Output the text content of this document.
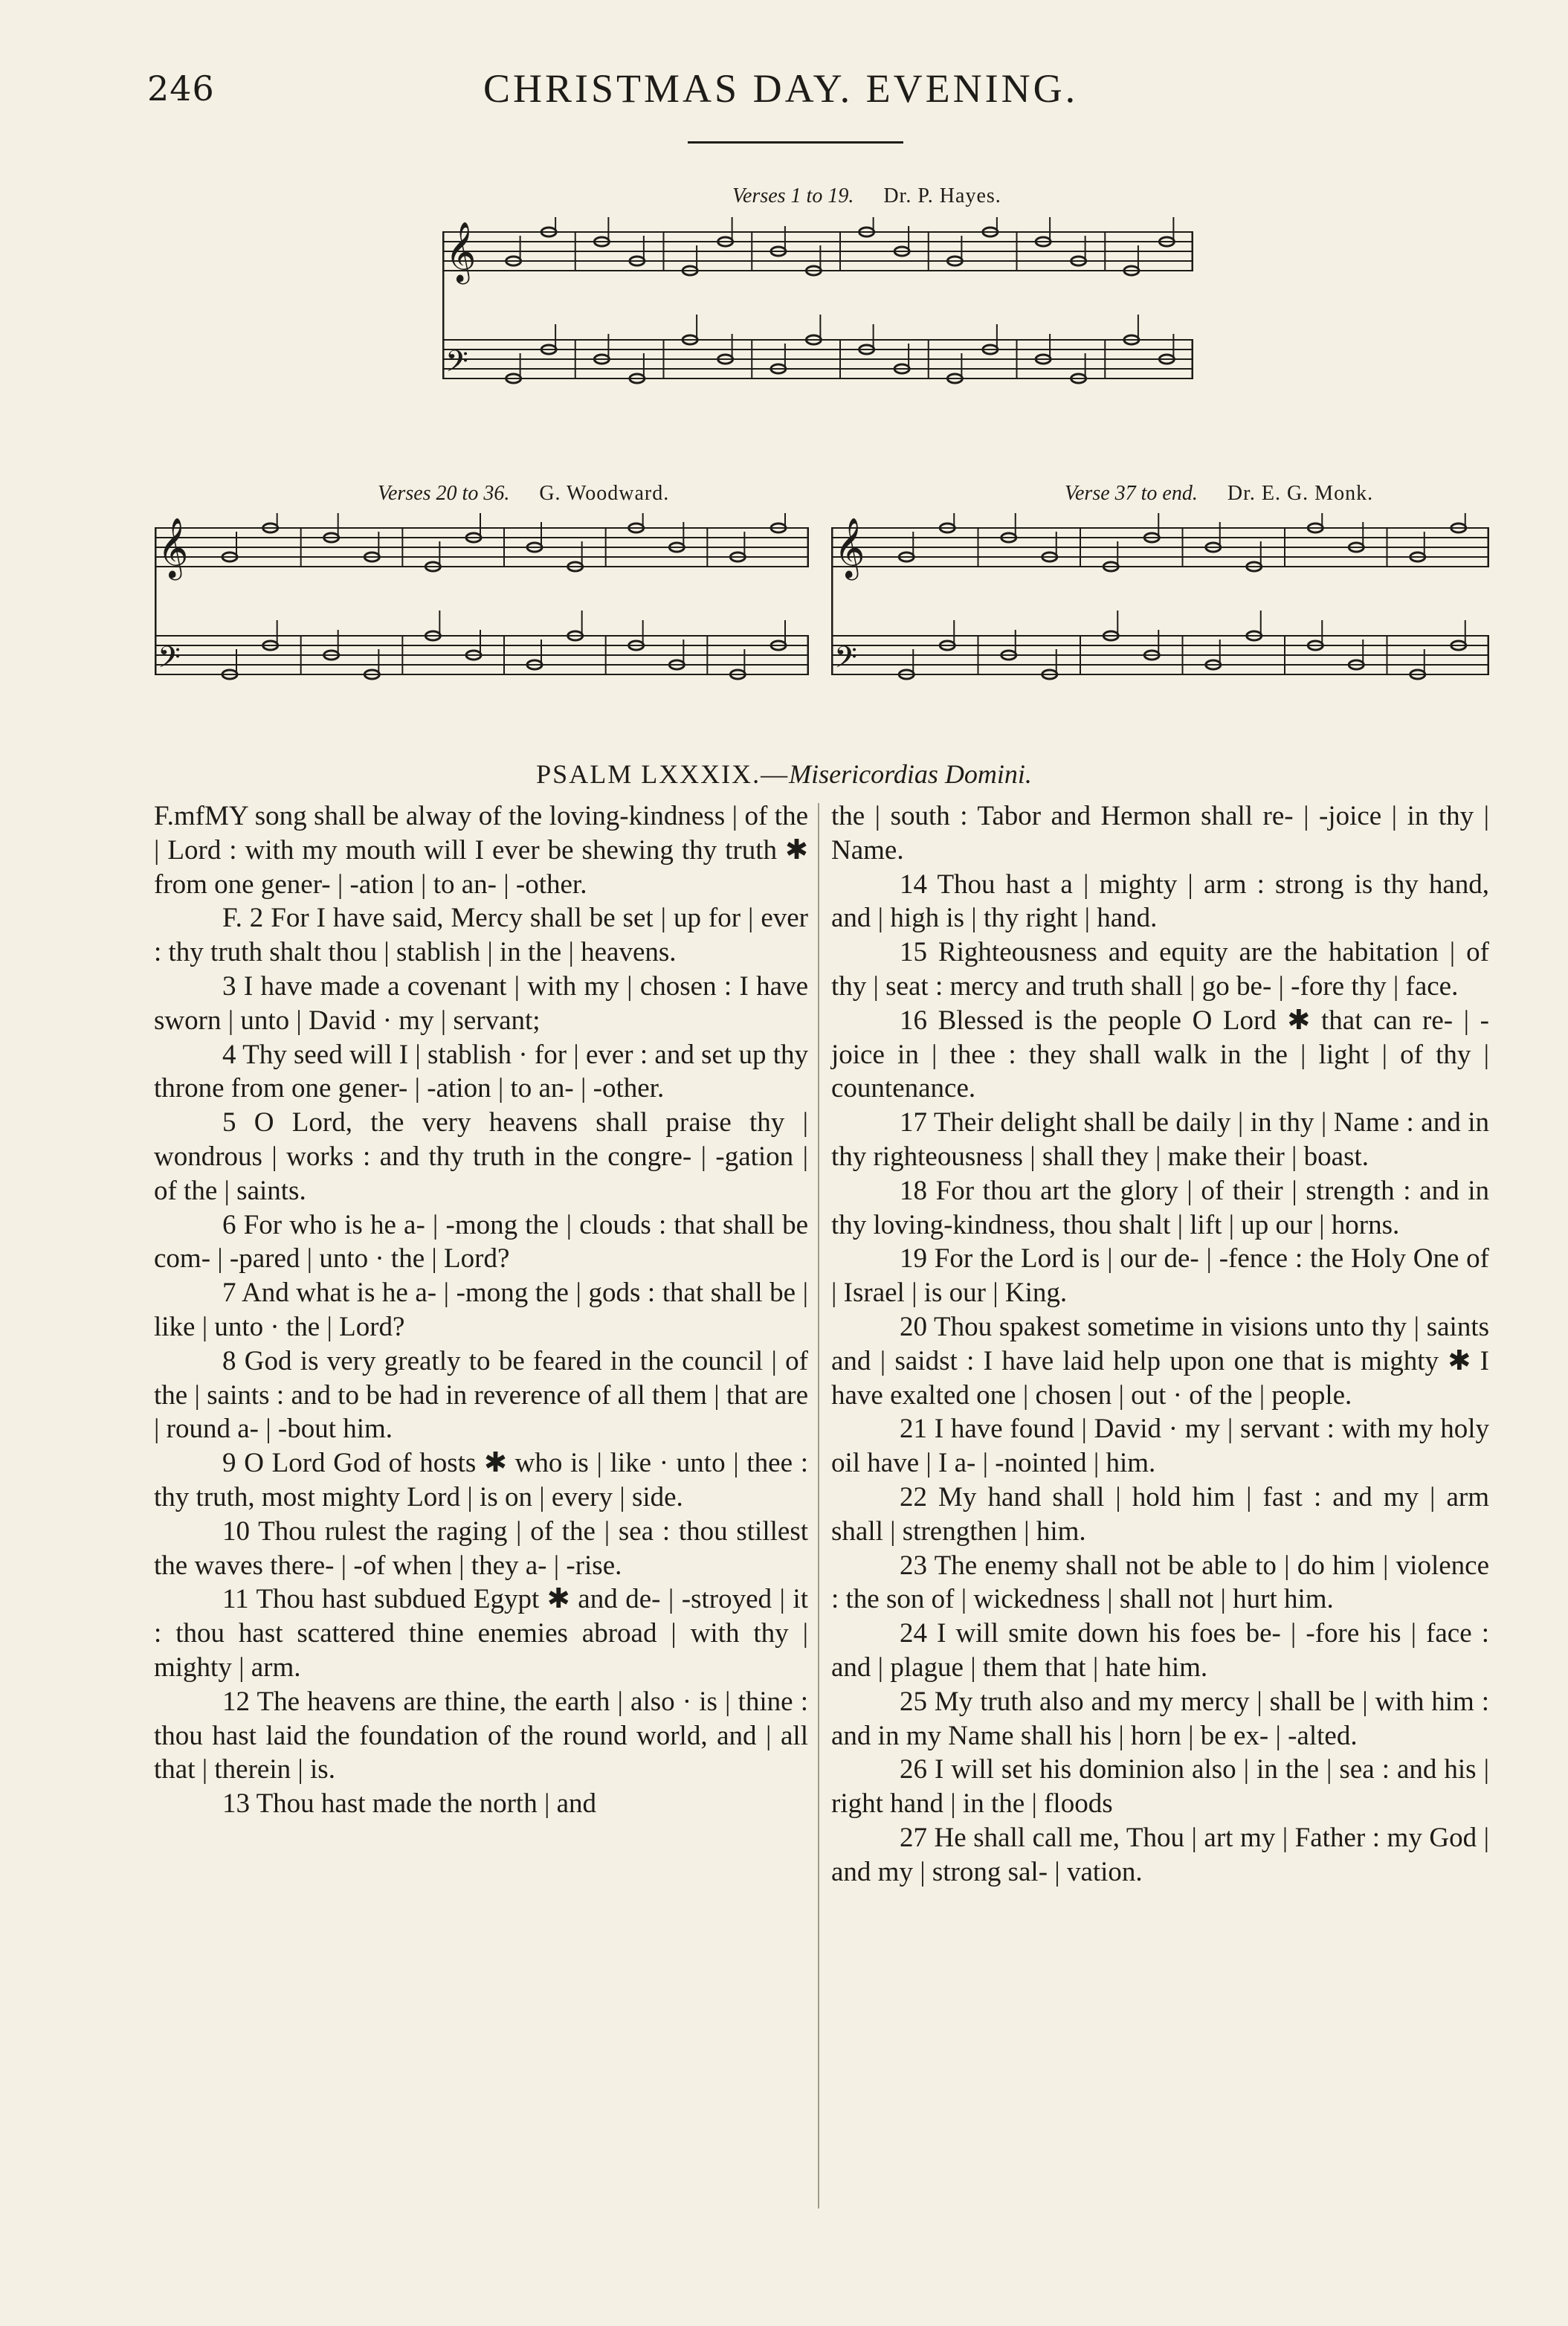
246	CHRISTMAS DAY. EVENING.
Verses 1 to 19. Dr. P. Hayes.
𝄞
𝄢
Verses 20 to 36. G. Woodward.
𝄞
𝄢
Verse 37 to end. Dr. E. G. Monk.
𝄞
𝄢
PSALM LXXXIX.—Misericordias Domini.

F.mfMY song shall be alway of the loving-kindness | of the | Lord : with my mouth will I ever be shewing thy truth ✱ from one gener- | -ation | to an- | -other.

F. 2 For I have said, Mercy shall be set | up for | ever : thy truth shalt thou | stablish | in the | heavens.

3 I have made a covenant | with my | chosen : I have sworn | unto | David · my | servant;

4 Thy seed will I | stablish · for | ever : and set up thy throne from one gener- | -ation | to an- | -other.

5 O Lord, the very heavens shall praise thy | wondrous | works : and thy truth in the congre- | -gation | of the | saints.

6 For who is he a- | -mong the | clouds : that shall be com- | -pared | unto · the | Lord?

7 And what is he a- | -mong the | gods : that shall be | like | unto · the | Lord?

8 God is very greatly to be feared in the council | of the | saints : and to be had in reverence of all them | that are | round a- | -bout him.

9 O Lord God of hosts ✱ who is | like · unto | thee : thy truth, most mighty Lord | is on | every | side.

10 Thou rulest the raging | of the | sea : thou stillest the waves there- | -of when | they a- | -rise.

11 Thou hast subdued Egypt ✱ and de- | -stroyed | it : thou hast scattered thine enemies abroad | with thy | mighty | arm.

12 The heavens are thine, the earth | also · is | thine : thou hast laid the foundation of the round world, and | all that | therein | is.

13 Thou hast made the north | and

the | south : Tabor and Hermon shall re- | -joice | in thy | Name.

14 Thou hast a | mighty | arm : strong is thy hand, and | high is | thy right | hand.

15 Righteousness and equity are the habitation | of thy | seat : mercy and truth shall | go be- | -fore thy | face.

16 Blessed is the people O Lord ✱ that can re- | -joice in | thee : they shall walk in the | light | of thy | countenance.

17 Their delight shall be daily | in thy | Name : and in thy righteousness | shall they | make their | boast.

18 For thou art the glory | of their | strength : and in thy loving-kindness, thou shalt | lift | up our | horns.

19 For the Lord is | our de- | -fence : the Holy One of | Israel | is our | King.

20 Thou spakest sometime in visions unto thy | saints and | saidst : I have laid help upon one that is mighty ✱ I have exalted one | chosen | out · of the | people.

21 I have found | David · my | servant : with my holy oil have | I a- | -nointed | him.

22 My hand shall | hold him | fast : and my | arm shall | strengthen | him.

23 The enemy shall not be able to | do him | violence : the son of | wickedness | shall not | hurt him.

24 I will smite down his foes be- | -fore his | face : and | plague | them that | hate him.

25 My truth also and my mercy | shall be | with him : and in my Name shall his | horn | be ex- | -alted.

26 I will set his dominion also | in the | sea : and his | right hand | in the | floods

27 He shall call me, Thou | art my | Father : my God | and my | strong sal- | vation.
